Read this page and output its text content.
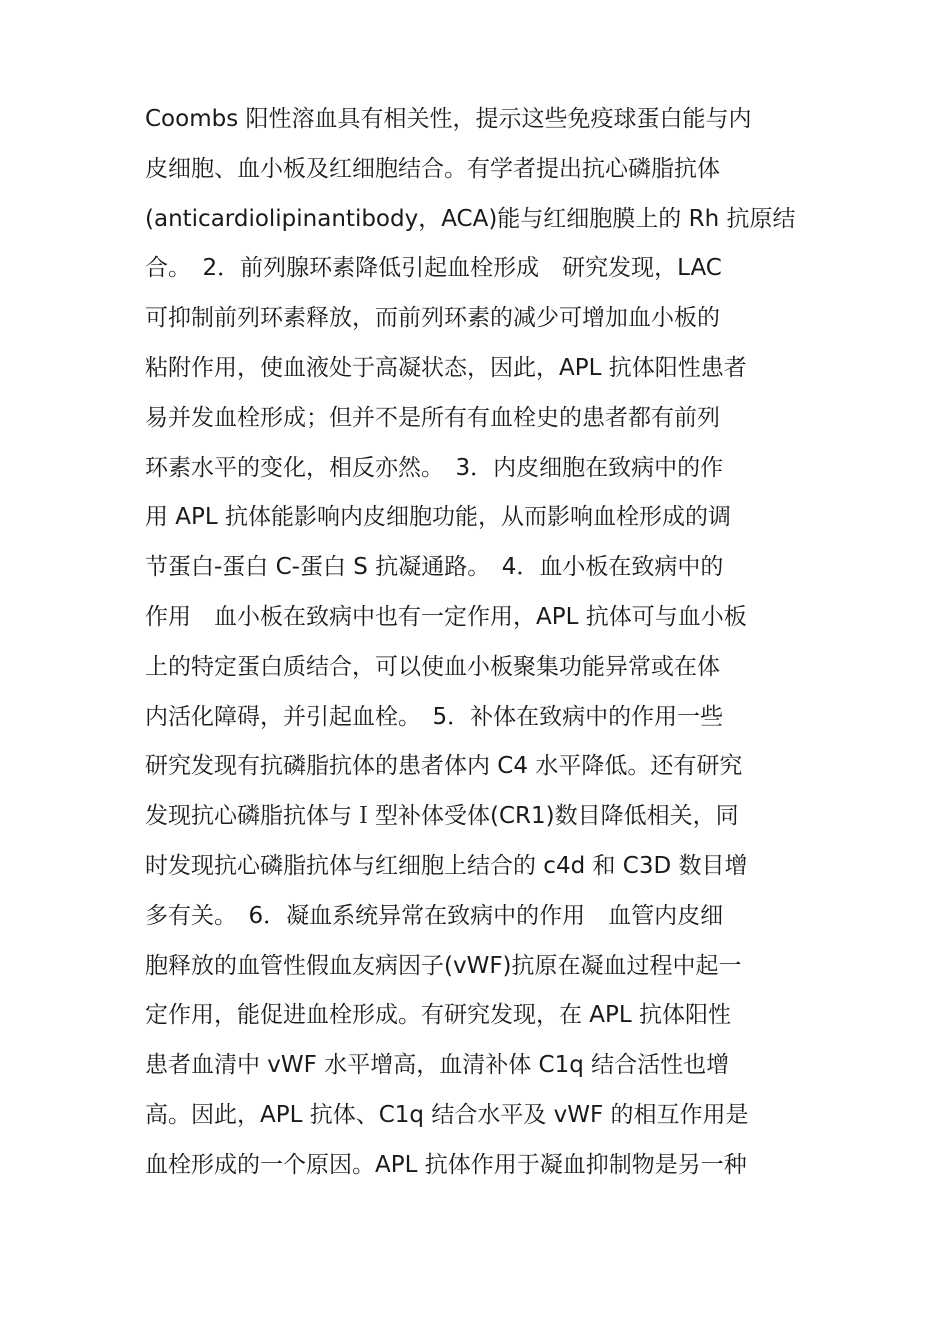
Coombs 阳性溶血具有相关性，提示这些免疫球蛋白能与内
皮细胞、血小板及红细胞结合。有学者提出抗心磷脂抗体
(anticardiolipinantibody，ACA)能与红细胞膜上的 Rh 抗原结
合。　2．前列腺环素降低引起血栓形成　研究发现，LAC
可抑制前列环素释放，而前列环素的减少可增加血小板的
粘附作用，使血液处于高凝状态，因此，APL 抗体阳性患者
易并发血栓形成；但并不是所有有血栓史的患者都有前列
环素水平的变化，相反亦然。　3．内皮细胞在致病中的作
用 APL 抗体能影响内皮细胞功能，从而影响血栓形成的调
节蛋白-蛋白 C-蛋白 S 抗凝通路。　4．血小板在致病中的
作用　血小板在致病中也有一定作用，APL 抗体可与血小板
上的特定蛋白质结合，可以使血小板聚集功能异常或在体
内活化障碍，并引起血栓。　5．补体在致病中的作用一些
研究发现有抗磷脂抗体的患者体内 C4 水平降低。还有研究
发现抗心磷脂抗体与Ｉ型补体受体(CR1)数目降低相关，同
时发现抗心磷脂抗体与红细胞上结合的 c4d 和 C3D 数目增
多有关。　6．凝血系统异常在致病中的作用　血管内皮细
胞释放的血管性假血友病因子(vWF)抗原在凝血过程中起一
定作用，能促进血栓形成。有研究发现，在 APL 抗体阳性
患者血清中 vWF 水平增高，血清补体 C1q 结合活性也增
高。因此，APL 抗体、C1q 结合水平及 vWF 的相互作用是
血栓形成的一个原因。APL 抗体作用于凝血抑制物是另一种
